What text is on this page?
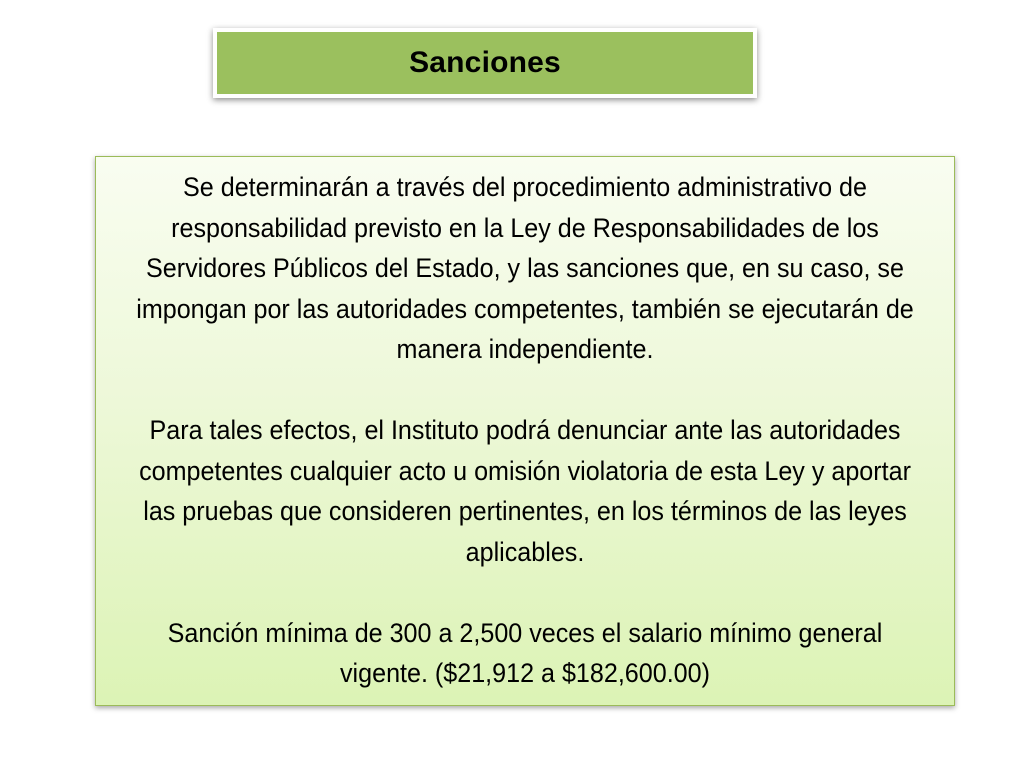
Sanciones

Se determinarán a través del procedimiento administrativo de responsabilidad previsto en la Ley de Responsabilidades de los Servidores Públicos del Estado, y las sanciones que, en su caso, se impongan por las autoridades competentes, también se ejecutarán de manera independiente.

Para tales efectos, el Instituto podrá denunciar ante las autoridades competentes cualquier acto u omisión violatoria de esta Ley y aportar las pruebas que consideren pertinentes, en los términos de las leyes aplicables.

Sanción mínima de 300 a 2,500 veces el salario mínimo general vigente. ($21,912 a $182,600.00)
